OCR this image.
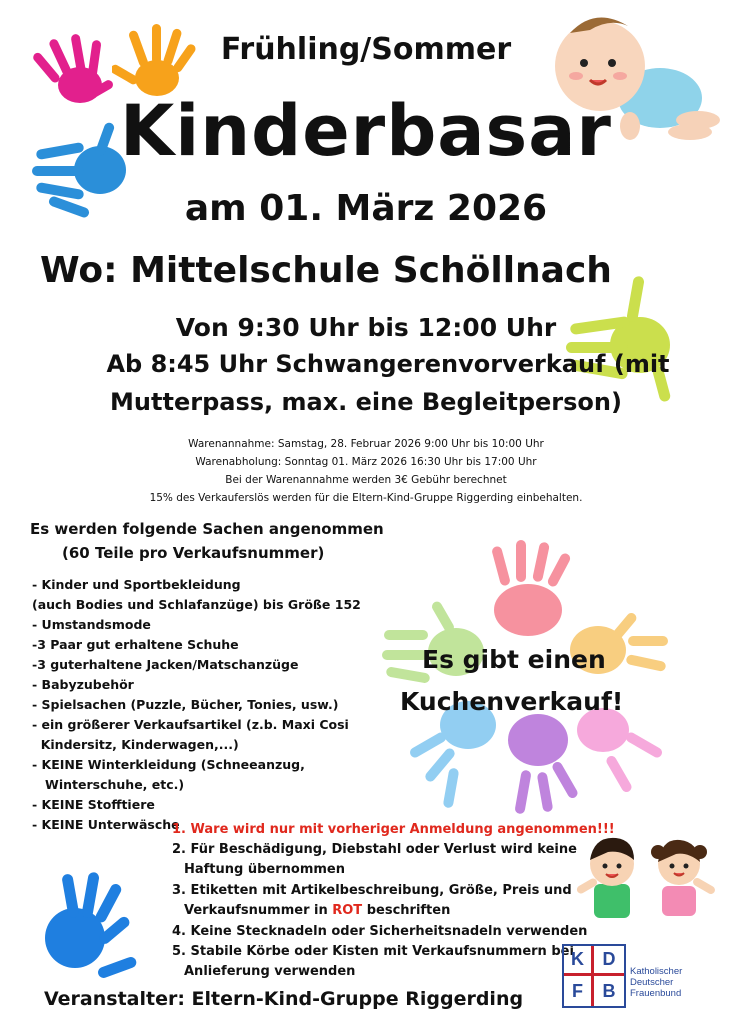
Frühling/Sommer
Kinderbasar
am 01. März 2026
Wo: Mittelschule Schöllnach
Von 9:30 Uhr bis 12:00 Uhr
Ab 8:45 Uhr Schwangerenvorverkauf (mit
Mutterpass, max. eine Begleitperson)
Warenannahme: Samstag, 28. Februar 2026 9:00 Uhr bis 10:00 Uhr
Warenabholung: Sonntag 01. März 2026 16:30 Uhr bis 17:00 Uhr
Bei der Warenannahme werden 3€ Gebühr berechnet
15% des Verkauferslös werden für die Eltern-Kind-Gruppe Riggerding einbehalten.
Es werden folgende Sachen angenommen
(60 Teile pro Verkaufsnummer)
- Kinder und Sportbekleidung
(auch Bodies und Schlafanzüge) bis Größe 152
- Umstandsmode
-3 Paar gut erhaltene Schuhe
-3 guterhaltene Jacken/Matschanzüge
- Babyzubehör
- Spielsachen (Puzzle, Bücher, Tonies, usw.)
- ein größerer Verkaufsartikel (z.b. Maxi Cosi
Kindersitz, Kinderwagen,...)
- KEINE Winterkleidung (Schneeanzug,
Winterschuhe, etc.)
- KEINE Stofftiere
- KEINE Unterwäsche
Es gibt einen
Kuchenverkauf!
1. Ware wird nur mit vorheriger Anmeldung angenommen!!!
2. Für Beschädigung, Diebstahl oder Verlust wird keine
Haftung übernommen
3. Etiketten mit Artikelbeschreibung, Größe, Preis und
Verkaufsnummer in ROT beschriften
4. Keine Stecknadeln oder Sicherheitsnadeln verwenden
5. Stabile Körbe oder Kisten mit Verkaufsnummern bei
Anlieferung verwenden
Veranstalter: Eltern-Kind-Gruppe Riggerding
K	D
F	B
Katholischer
Deutscher
Frauenbund
